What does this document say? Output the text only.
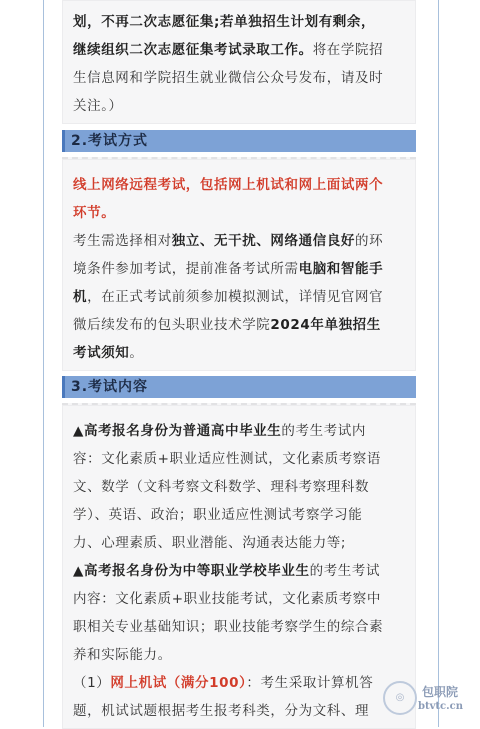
划，不再二次志愿征集;若单独招生计划有剩余，
继续组织二次志愿征集考试录取工作。将在学院招
生信息网和学院招生就业微信公众号发布，请及时
关注。）
2.考试方式
线上网络远程考试，包括网上机试和网上面试两个
环节。
考生需选择相对独立、无干扰、网络通信良好的环
境条件参加考试，提前准备考试所需电脑和智能手
机，在正式考试前须参加模拟测试，详情见官网官
微后续发布的包头职业技术学院2024年单独招生
考试须知。
3.考试内容
▲高考报名身份为普通高中毕业生的考生考试内
容：文化素质+职业适应性测试，文化素质考察语
文、数学（文科考察文科数学、理科考察理科数
学）、英语、政治；职业适应性测试考察学习能
力、心理素质、职业潜能、沟通表达能力等;
▲高考报名身份为中等职业学校毕业生的考生考试
内容：文化素质+职业技能考试，文化素质考察中
职相关专业基础知识；职业技能考察学生的综合素
养和实际能力。
（1）网上机试（满分100）：考生采取计算机答
题，机试试题根据考生报考科类，分为文科、理
◎	包职院
btvtc.cn
